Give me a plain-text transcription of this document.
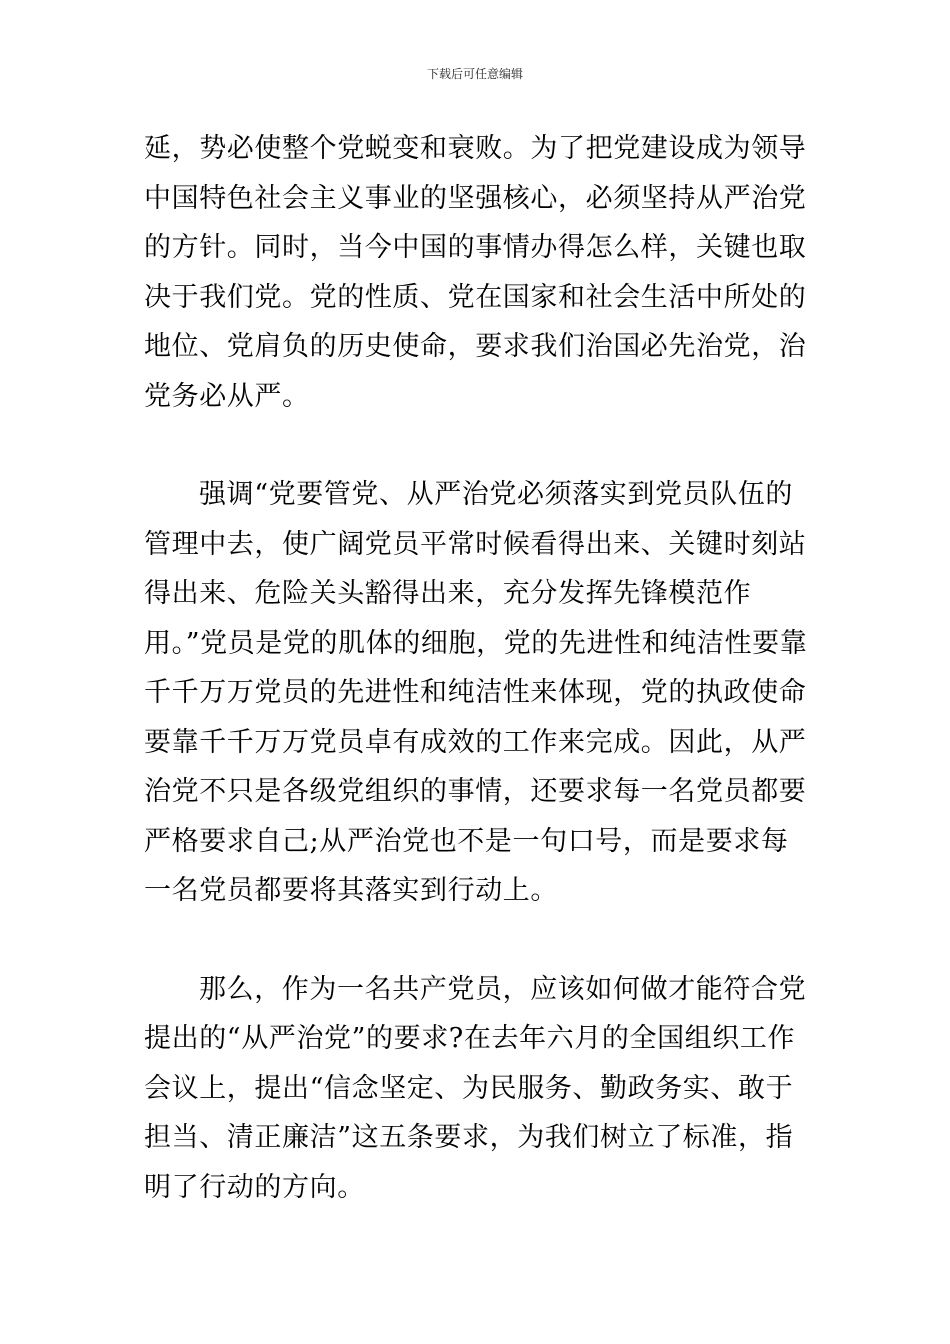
下载后可任意编辑

延，势必使整个党蜕变和衰败。为了把党建设成为领导中国特色社会主义事业的坚强核心，必须坚持从严治党的方针。同时，当今中国的事情办得怎么样，关键也取决于我们党。党的性质、党在国家和社会生活中所处的地位、党肩负的历史使命，要求我们治国必先治党，治党务必从严。

强调“党要管党、从严治党必须落实到党员队伍的管理中去，使广阔党员平常时候看得出来、关键时刻站得出来、危险关头豁得出来，充分发挥先锋模范作用。”党员是党的肌体的细胞，党的先进性和纯洁性要靠千千万万党员的先进性和纯洁性来体现，党的执政使命要靠千千万万党员卓有成效的工作来完成。因此，从严治党不只是各级党组织的事情，还要求每一名党员都要严格要求自己;从严治党也不是一句口号，而是要求每一名党员都要将其落实到行动上。

那么，作为一名共产党员，应该如何做才能符合党提出的“从严治党”的要求?在去年六月的全国组织工作会议上，提出“信念坚定、为民服务、勤政务实、敢于担当、清正廉洁”这五条要求，为我们树立了标准，指明了行动的方向。
